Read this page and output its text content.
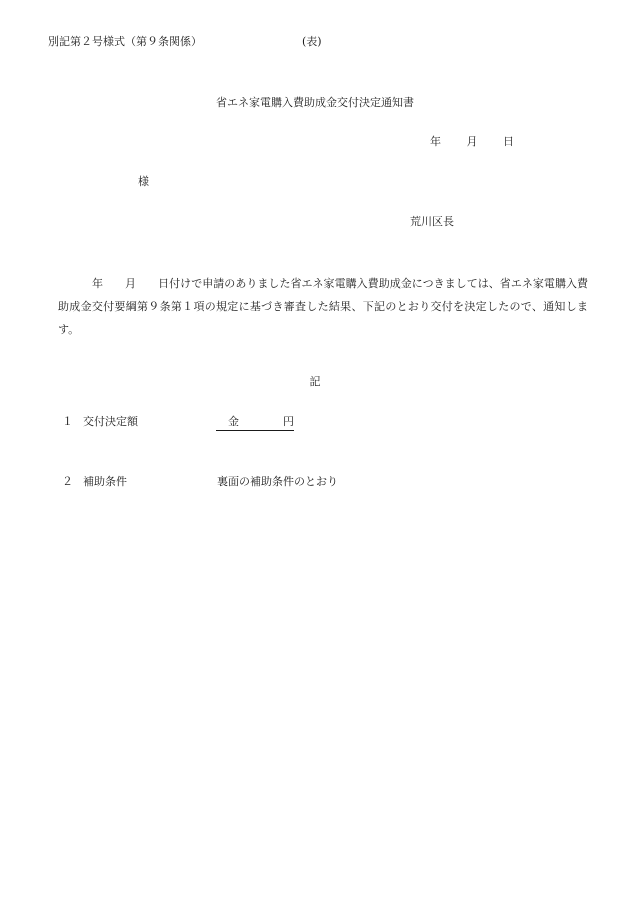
別記第２号様式（第９条関係）	(表)
省エネ家電購入費助成金交付決定通知書
年 月 日
様
荒川区長
年 月 日付けで申請のありました省エネ家電購入費助成金につきましては、省エネ家電購入費助成金交付要綱第９条第１項の規定に基づき審査した結果、下記のとおり交付を決定したので、通知します。
記
１ 交付決定額	金	円
２ 補助条件	裏面の補助条件のとおり
